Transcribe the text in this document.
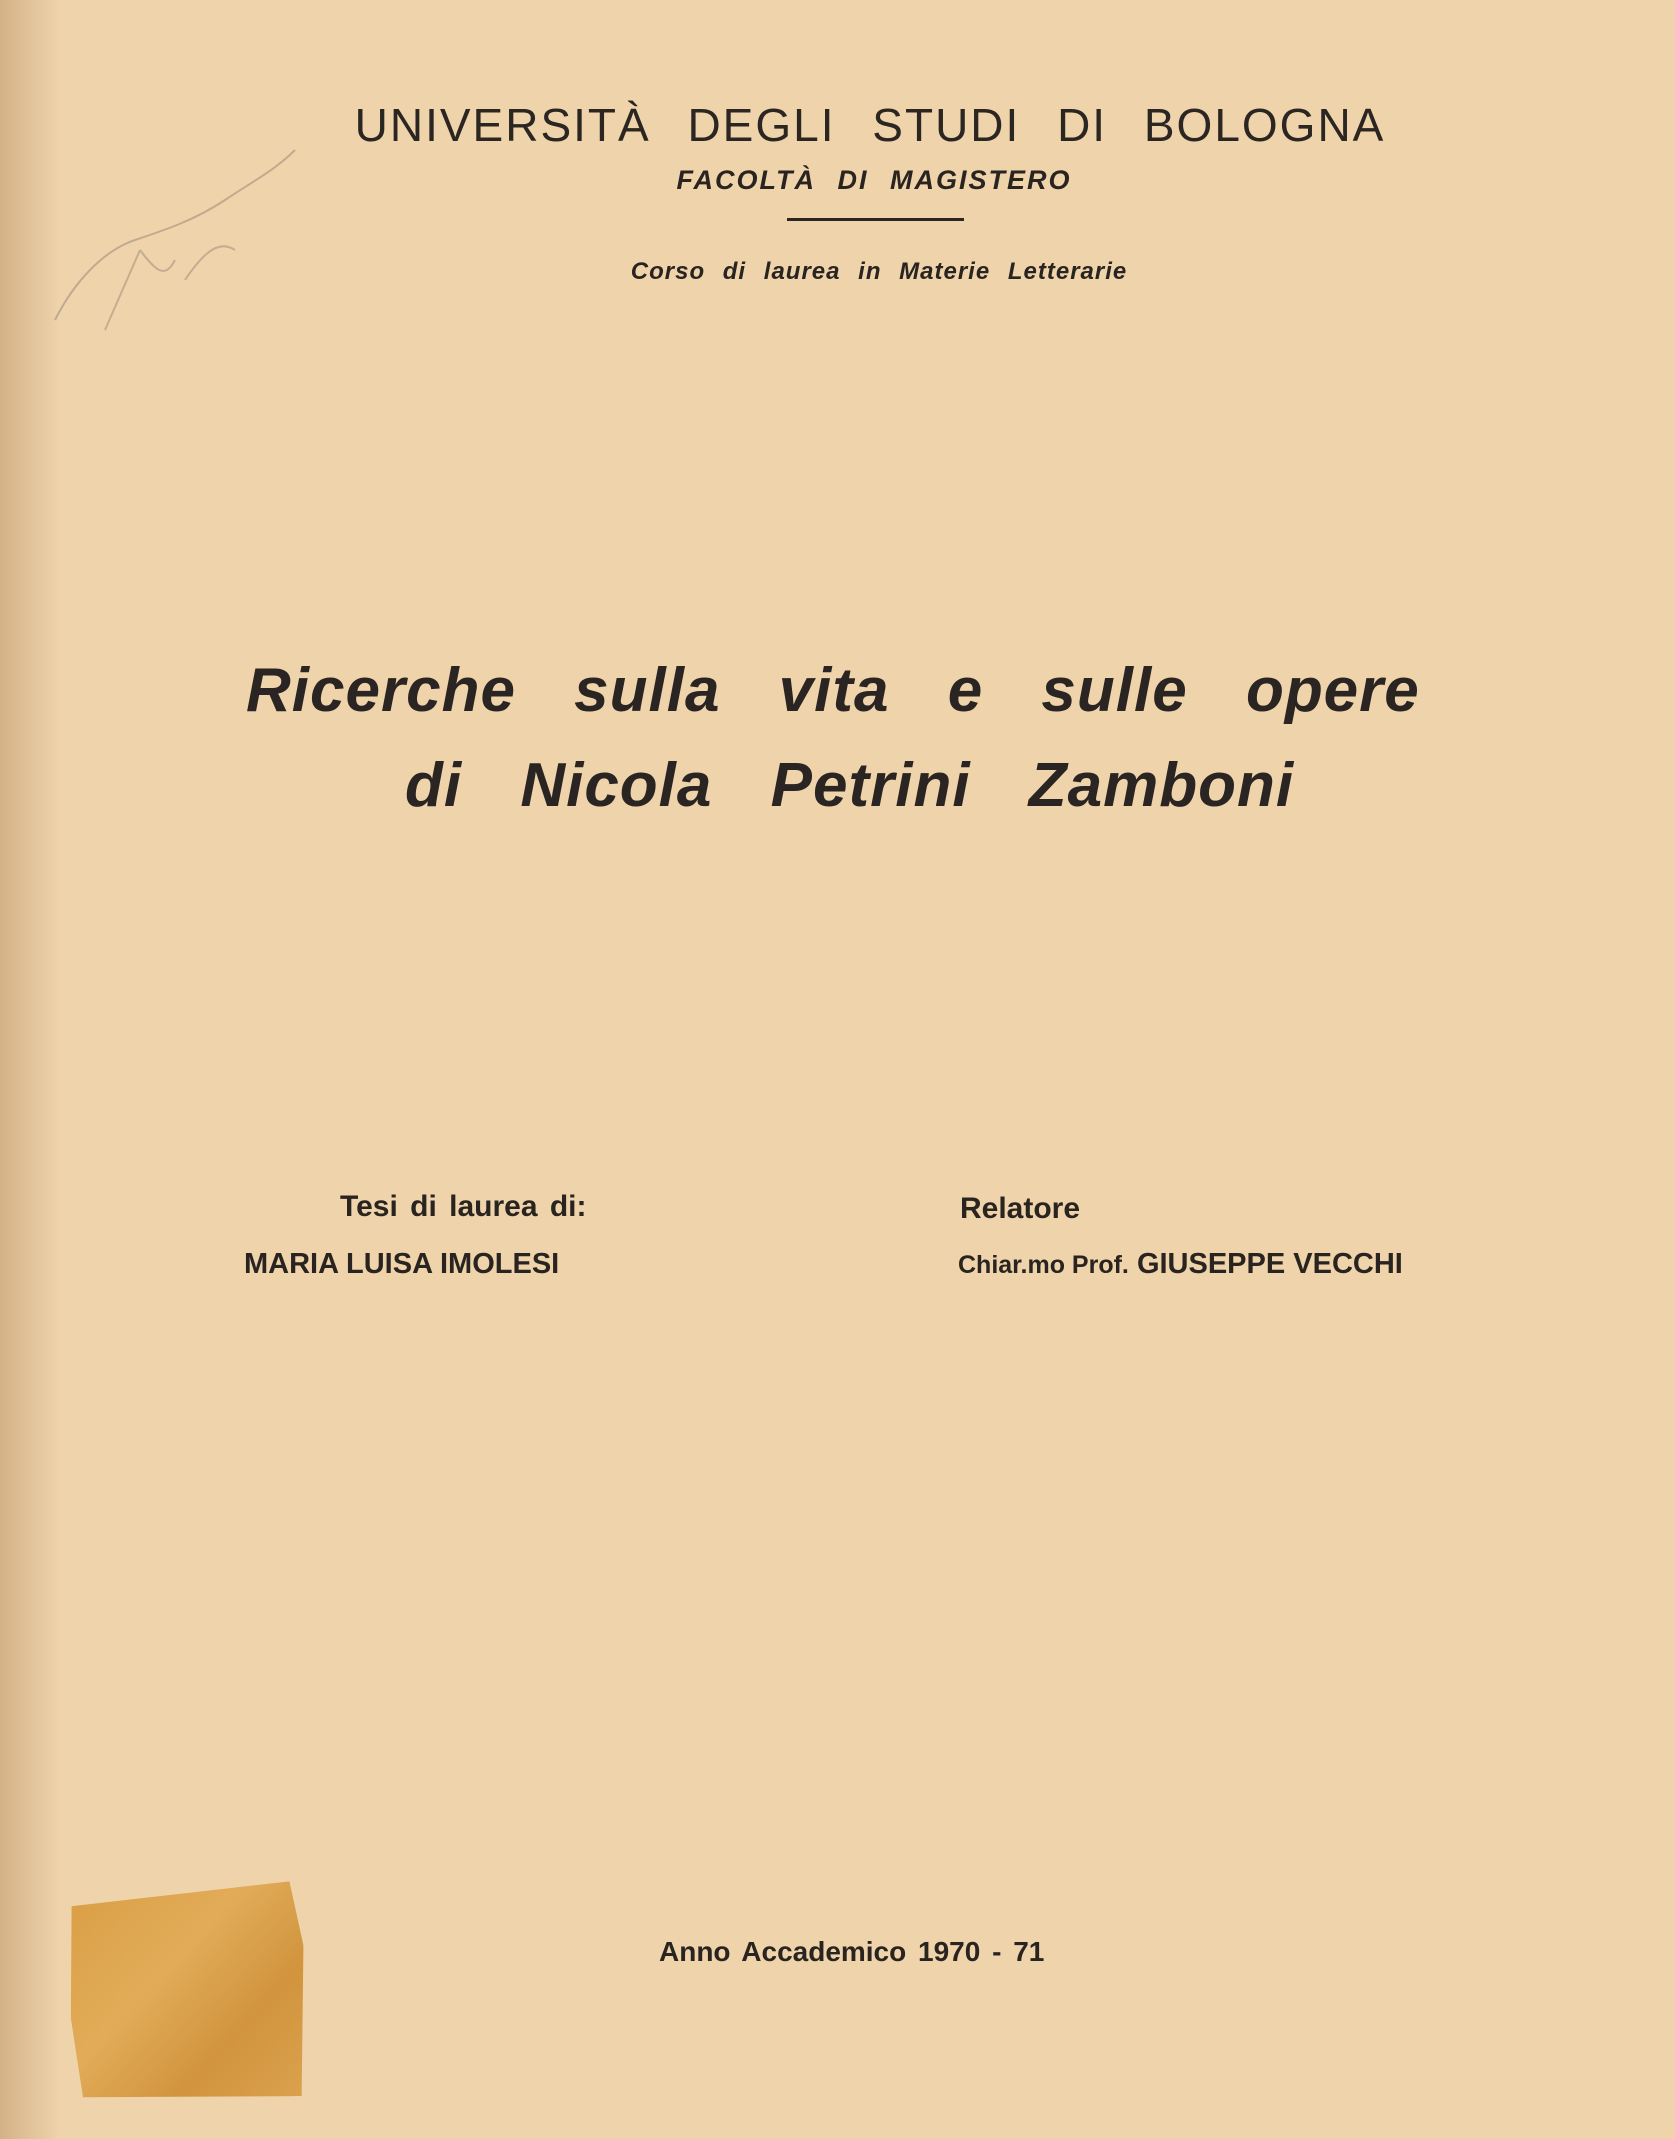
UNIVERSITÀ DEGLI STUDI DI BOLOGNA
FACOLTÀ DI MAGISTERO
Corso di laurea in Materie Letterarie
Ricerche sulla vita e sulle opere
di Nicola Petrini Zamboni
Tesi di laurea di:
MARIA LUISA IMOLESI
Relatore
Chiar.mo Prof. GIUSEPPE VECCHI
Anno Accademico 1970 - 71
